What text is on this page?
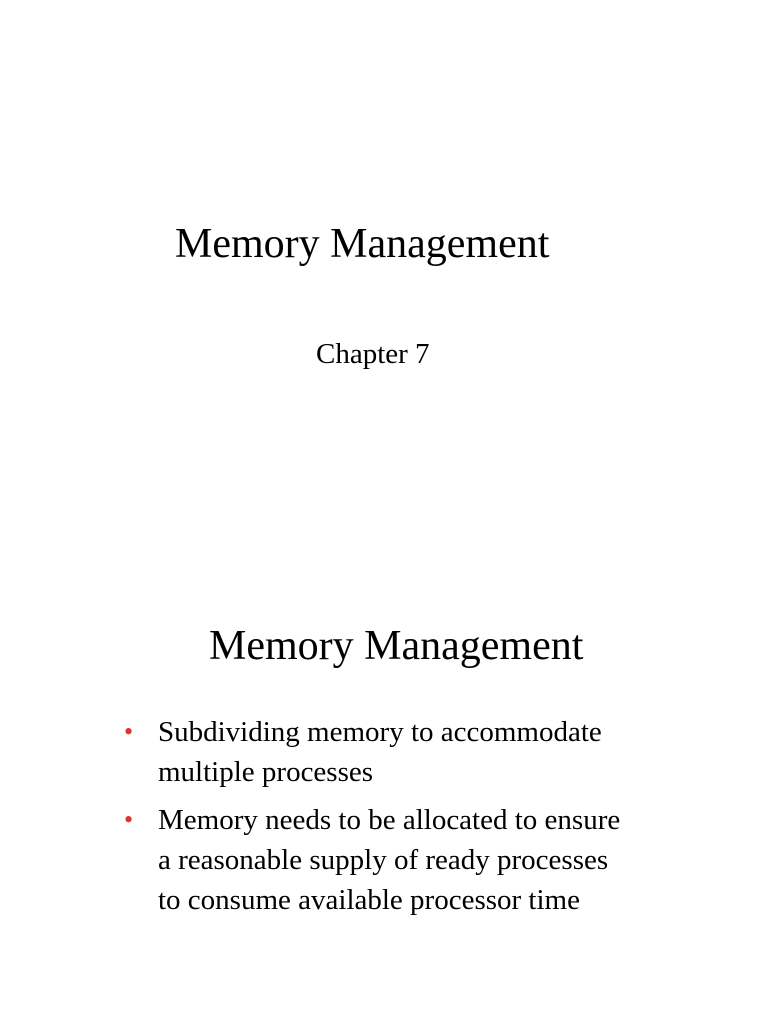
Memory Management
Chapter 7
Memory Management
• Subdividing memory to accommodate
multiple processes
• Memory needs to be allocated to ensure
a reasonable supply of ready processes
to consume available processor time
